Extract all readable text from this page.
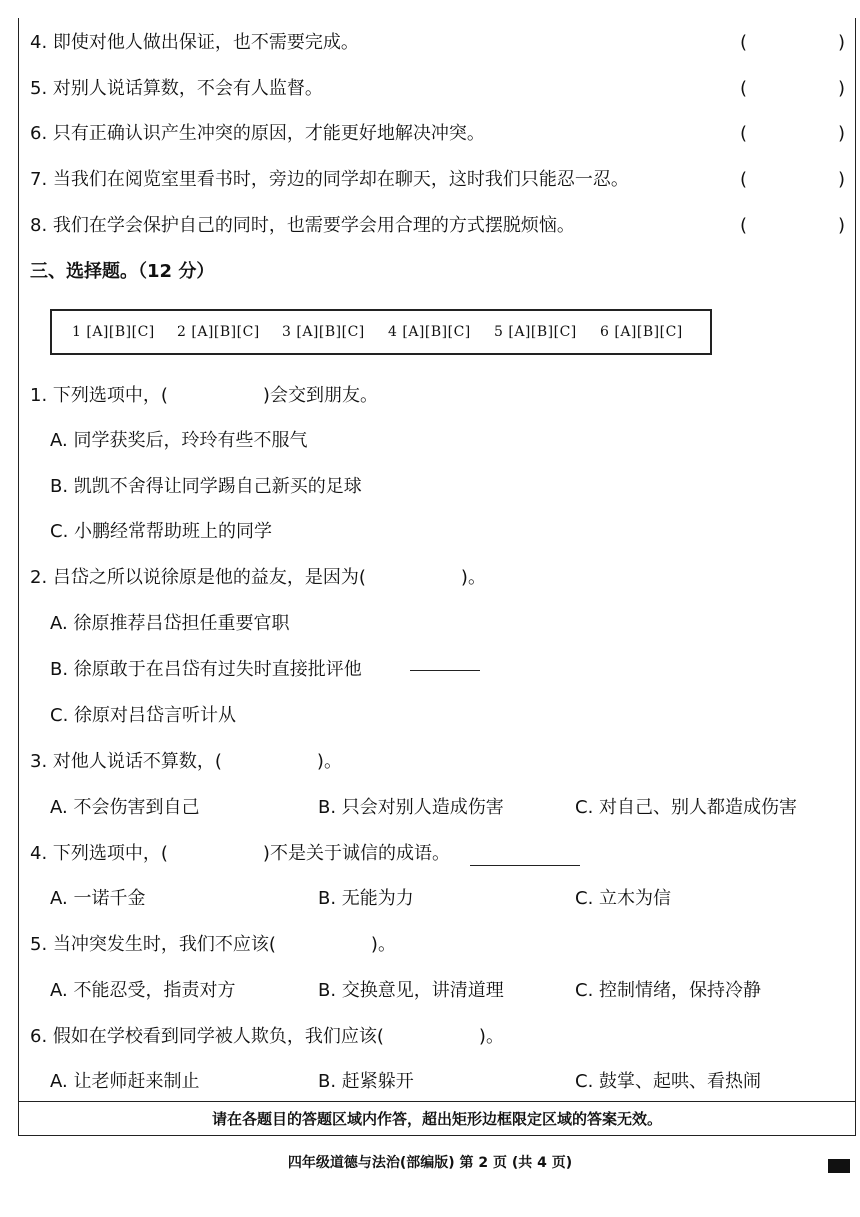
4. 即使对他人做出保证，也不需要完成。	(	)
5. 对别人说话算数，不会有人监督。	(	)
6. 只有正确认识产生冲突的原因，才能更好地解决冲突。	(	)
7. 当我们在阅览室里看书时，旁边的同学却在聊天，这时我们只能忍一忍。	(	)
8. 我们在学会保护自己的同时，也需要学会用合理的方式摆脱烦恼。	(	)
三、选择题。（12 分）
1 [A][B][C] 2 [A][B][C] 3 [A][B][C] 4 [A][B][C] 5 [A][B][C] 6 [A][B][C]
1. 下列选项中，(	)会交到朋友。
A. 同学获奖后，玲玲有些不服气
B. 凯凯不舍得让同学踢自己新买的足球
C. 小鹏经常帮助班上的同学
2. 吕岱之所以说徐原是他的益友，是因为(	)。
A. 徐原推荐吕岱担任重要官职
B. 徐原敢于在吕岱有过失时直接批评他
C. 徐原对吕岱言听计从
3. 对他人说话不算数，(	)。
A. 不会伤害到自己	B. 只会对别人造成伤害	C. 对自己、别人都造成伤害
4. 下列选项中，(	)不是关于诚信的成语。
A. 一诺千金	B. 无能为力	C. 立木为信
5. 当冲突发生时，我们不应该(	)。
A. 不能忍受，指责对方	B. 交换意见，讲清道理	C. 控制情绪，保持冷静
6. 假如在学校看到同学被人欺负，我们应该(	)。
A. 让老师赶来制止	B. 赶紧躲开	C. 鼓掌、起哄、看热闹
请在各题目的答题区域内作答，超出矩形边框限定区域的答案无效。
四年级道德与法治(部编版) 第 2 页 (共 4 页)
